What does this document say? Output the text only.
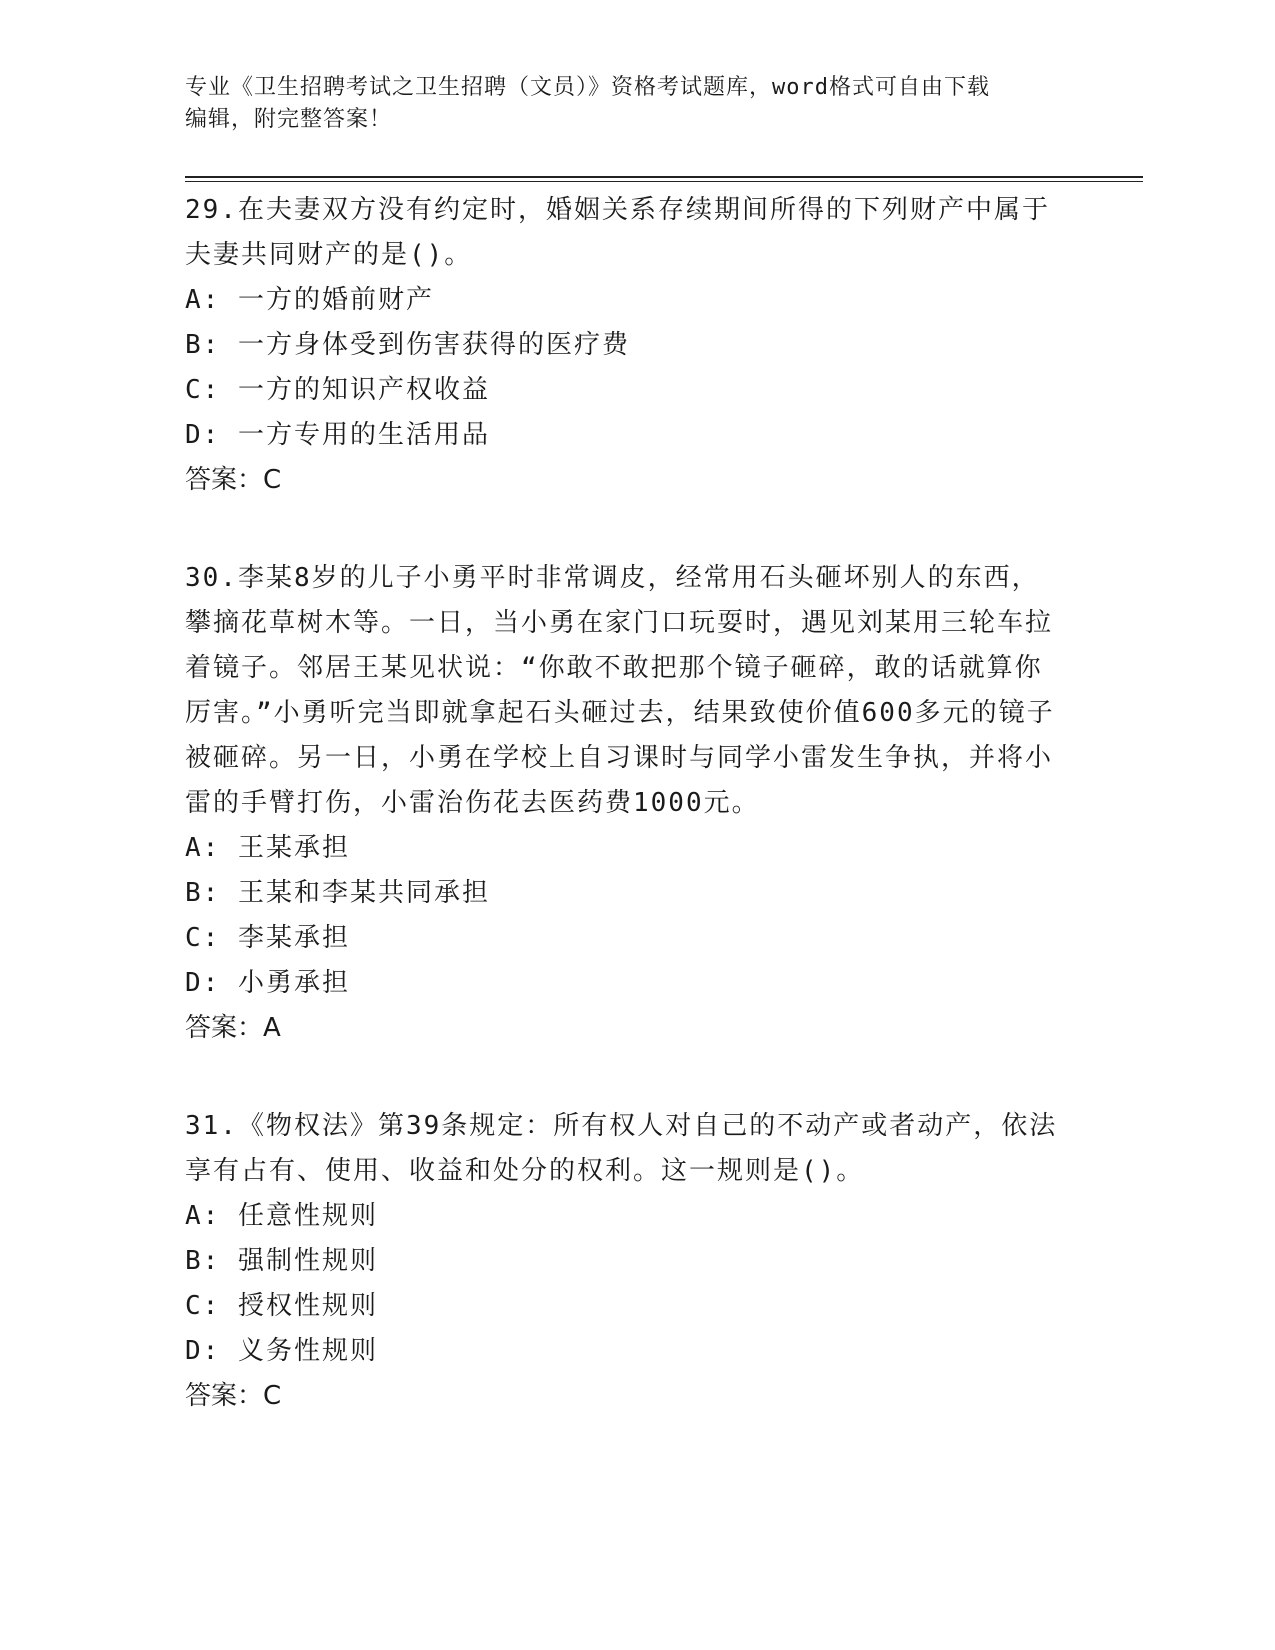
专业《卫生招聘考试之卫生招聘（文员）》资格考试题库，word格式可自由下载
编辑，附完整答案！

29.在夫妻双方没有约定时，婚姻关系存续期间所得的下列财产中属于夫妻共同财产的是()。

A: 一方的婚前财产

B: 一方身体受到伤害获得的医疗费

C: 一方的知识产权收益

D: 一方专用的生活用品

答案：C

30.李某8岁的儿子小勇平时非常调皮，经常用石头砸坏别人的东西，攀摘花草树木等。一日，当小勇在家门口玩耍时，遇见刘某用三轮车拉着镜子。邻居王某见状说：“你敢不敢把那个镜子砸碎，敢的话就算你厉害。”小勇听完当即就拿起石头砸过去，结果致使价值600多元的镜子被砸碎。另一日，小勇在学校上自习课时与同学小雷发生争执，并将小雷的手臂打伤，小雷治伤花去医药费1000元。

A: 王某承担

B: 王某和李某共同承担

C: 李某承担

D: 小勇承担

答案：A

31.《物权法》第39条规定：所有权人对自己的不动产或者动产，依法享有占有、使用、收益和处分的权利。这一规则是()。

A: 任意性规则

B: 强制性规则

C: 授权性规则

D: 义务性规则

答案：C
